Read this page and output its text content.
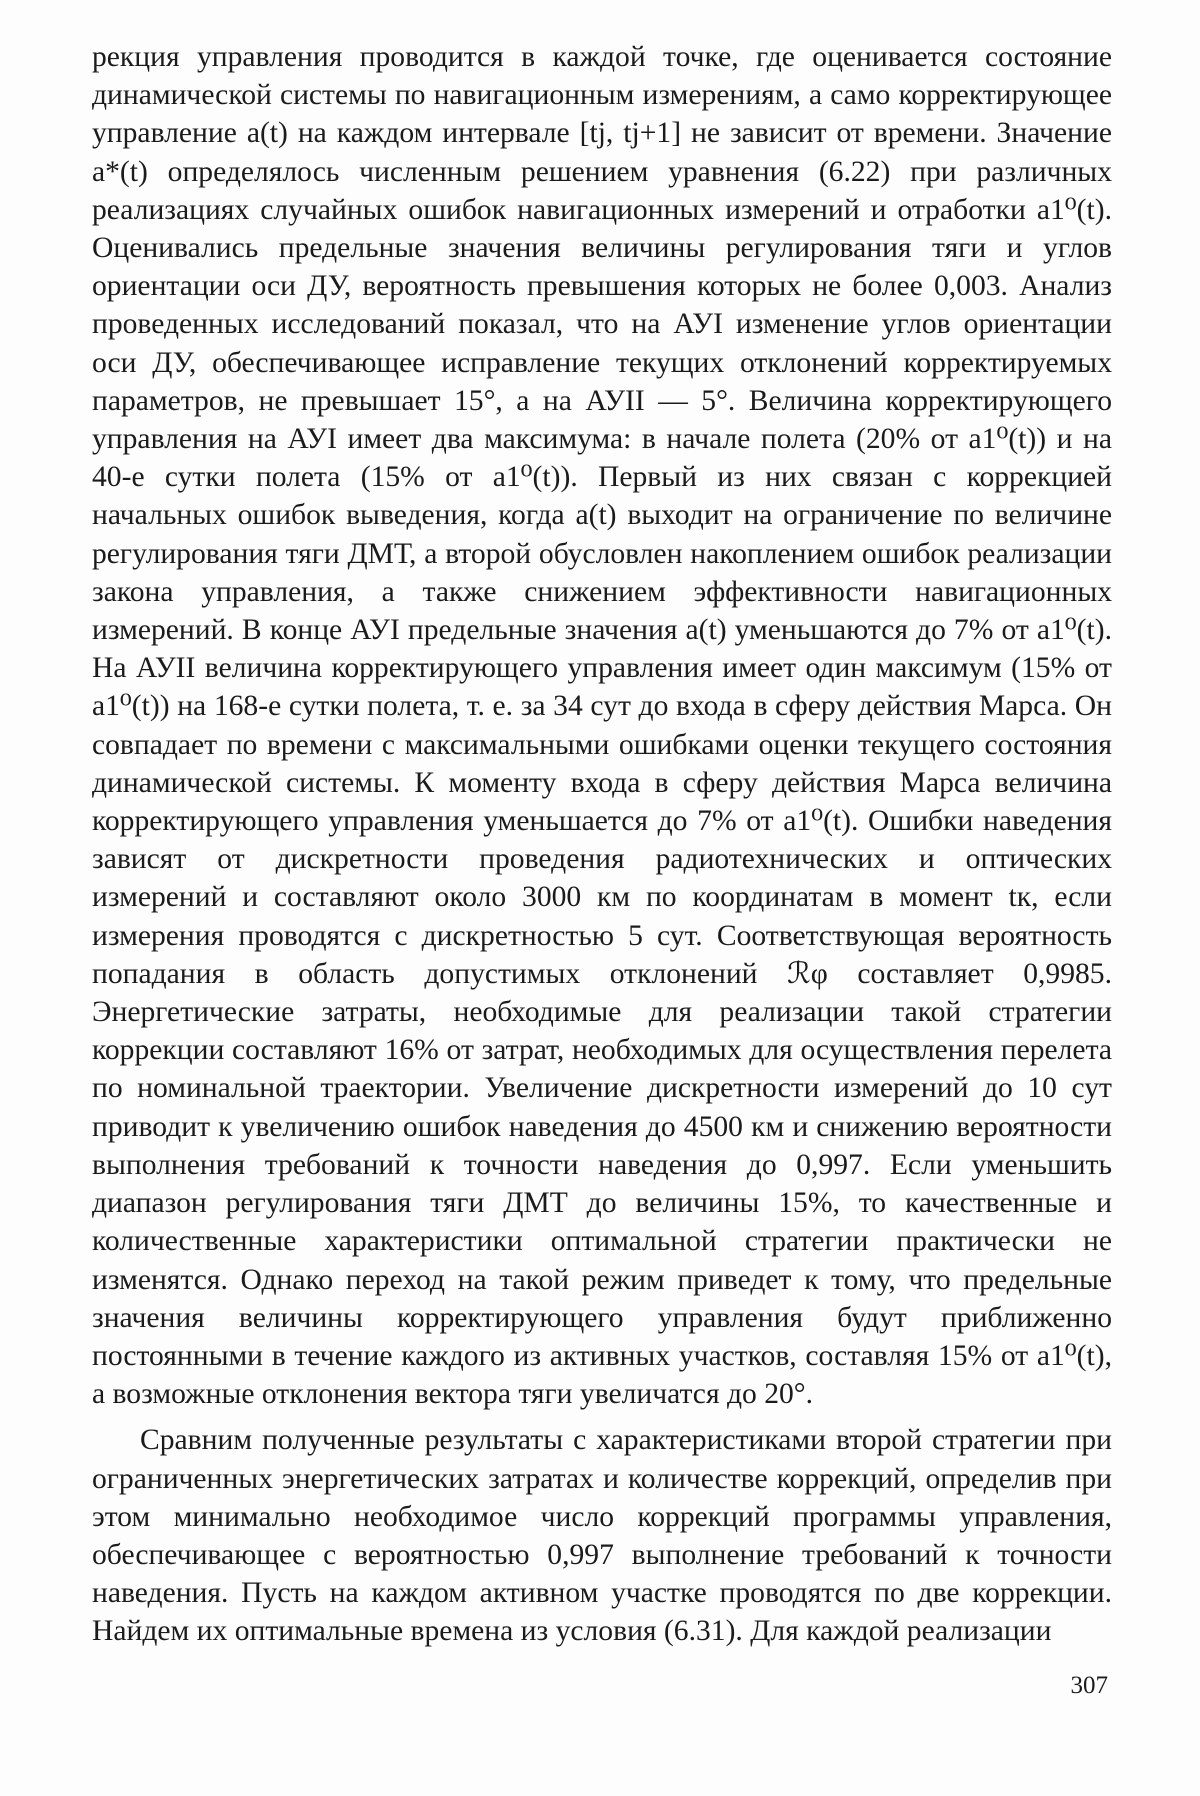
рекция управления проводится в каждой точке, где оценивается состояние динамической системы по навигационным измерениям, а само корректирующее управление a(t) на каждом интервале [tj, tj+1] не зависит от времени. Значение a*(t) определялось численным решением уравнения (6.22) при различных реализациях случайных ошибок навигационных измерений и отработки a1⁰(t). Оценивались предельные значения величины регулирования тяги и углов ориентации оси ДУ, вероятность превышения которых не более 0,003. Анализ проведенных исследований показал, что на АУI изменение углов ориентации оси ДУ, обеспечивающее исправление текущих отклонений корректируемых параметров, не превышает 15°, а на АУII — 5°. Величина корректирующего управления на АУI имеет два максимума: в начале полета (20% от a1⁰(t)) и на 40-е сутки полета (15% от a1⁰(t)). Первый из них связан с коррекцией начальных ошибок выведения, когда a(t) выходит на ограничение по величине регулирования тяги ДМТ, а второй обусловлен накоплением ошибок реализации закона управления, а также снижением эффективности навигационных измерений. В конце АУI предельные значения a(t) уменьшаются до 7% от a1⁰(t). На АУII величина корректирующего управления имеет один максимум (15% от a1⁰(t)) на 168-е сутки полета, т. е. за 34 сут до входа в сферу действия Марса. Он совпадает по времени с максимальными ошибками оценки текущего состояния динамической системы. К моменту входа в сферу действия Марса величина корректирующего управления уменьшается до 7% от a1⁰(t). Ошибки наведения зависят от дискретности проведения радиотехнических и оптических измерений и составляют около 3000 км по координатам в момент tк, если измерения проводятся с дискретностью 5 сут. Соответствующая вероятность попадания в область допустимых отклонений ℛφ составляет 0,9985. Энергетические затраты, необходимые для реализации такой стратегии коррекции составляют 16% от затрат, необходимых для осуществления перелета по номинальной траектории. Увеличение дискретности измерений до 10 сут приводит к увеличению ошибок наведения до 4500 км и снижению вероятности выполнения требований к точности наведения до 0,997. Если уменьшить диапазон регулирования тяги ДМТ до величины 15%, то качественные и количественные характеристики оптимальной стратегии практически не изменятся. Однако переход на такой режим приведет к тому, что предельные значения величины корректирующего управления будут приближенно постоянными в течение каждого из активных участков, составляя 15% от a1⁰(t), а возможные отклонения вектора тяги увеличатся до 20°.

Сравним полученные результаты с характеристиками второй стратегии при ограниченных энергетических затратах и количестве коррекций, определив при этом минимально необходимое число коррекций программы управления, обеспечивающее с вероятностью 0,997 выполнение требований к точности наведения. Пусть на каждом активном участке проводятся по две коррекции. Найдем их оптимальные времена из условия (6.31). Для каждой реализации

307
